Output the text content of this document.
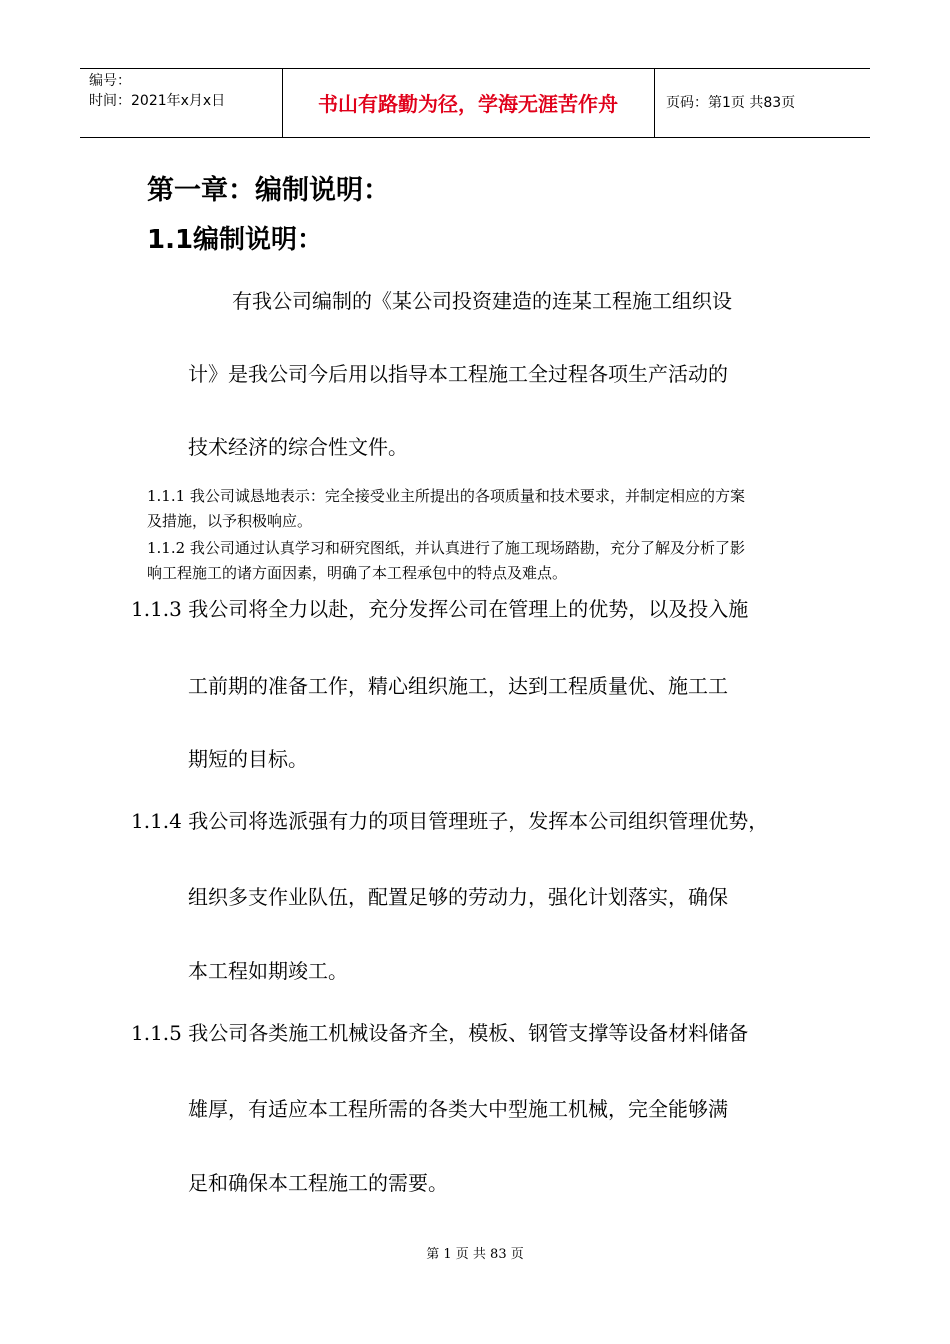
编号：
时间：2021年x月x日	书山有路勤为径，学海无涯苦作舟	页码：第1页 共83页
第一章：编制说明：
1.1编制说明：
有我公司编制的《某公司投资建造的连某工程施工组织设
计》是我公司今后用以指导本工程施工全过程各项生产活动的
技术经济的综合性文件。
1.1.1 我公司诚恳地表示：完全接受业主所提出的各项质量和技术要求，并制定相应的方案
及措施，以予积极响应。
1.1.2 我公司通过认真学习和研究图纸，并认真进行了施工现场踏勘，充分了解及分析了影
响工程施工的诸方面因素，明确了本工程承包中的特点及难点。
1.1.3 我公司将全力以赴，充分发挥公司在管理上的优势，以及投入施
工前期的准备工作，精心组织施工，达到工程质量优、施工工
期短的目标。
1.1.4 我公司将选派强有力的项目管理班子，发挥本公司组织管理优势，
组织多支作业队伍，配置足够的劳动力，强化计划落实，确保
本工程如期竣工。
1.1.5 我公司各类施工机械设备齐全，模板、钢管支撑等设备材料储备
雄厚，有适应本工程所需的各类大中型施工机械，完全能够满
足和确保本工程施工的需要。
第 1 页 共 83 页
